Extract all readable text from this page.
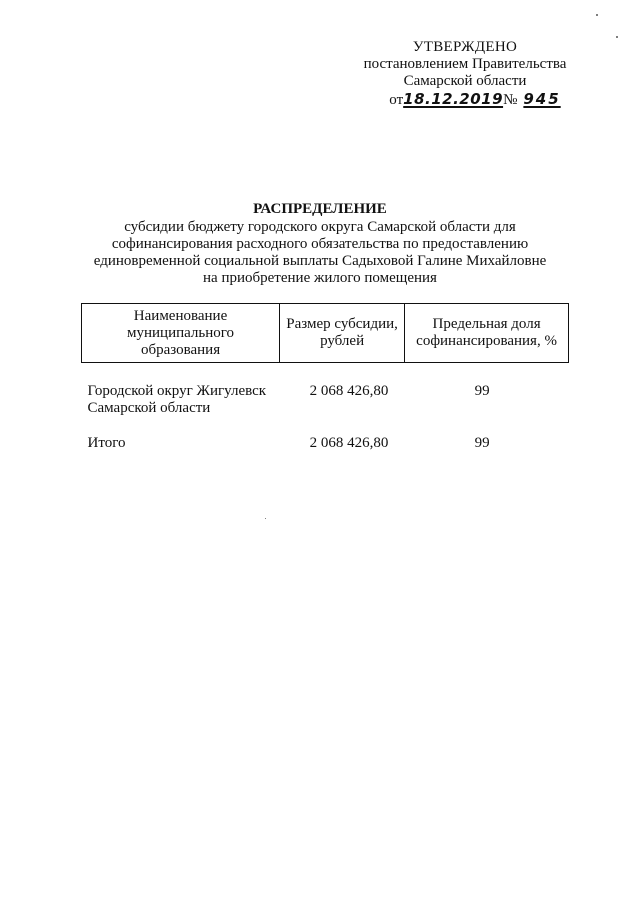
УТВЕРЖДЕНО
постановлением Правительства
Самарской области
от18.12.2019№ 945
РАСПРЕДЕЛЕНИЕ
субсидии бюджету городского округа Самарской области для
софинансирования расходного обязательства по предоставлению
единовременной социальной выплаты Садыховой Галине Михайловне
на приобретение жилого помещения
Наименование муниципального образования	Размер субсидии, рублей	Предельная доля софинансирования, %

Городской округ Жигулевск
Самарской области	2 068 426,80	99

Итого	2 068 426,80	99
